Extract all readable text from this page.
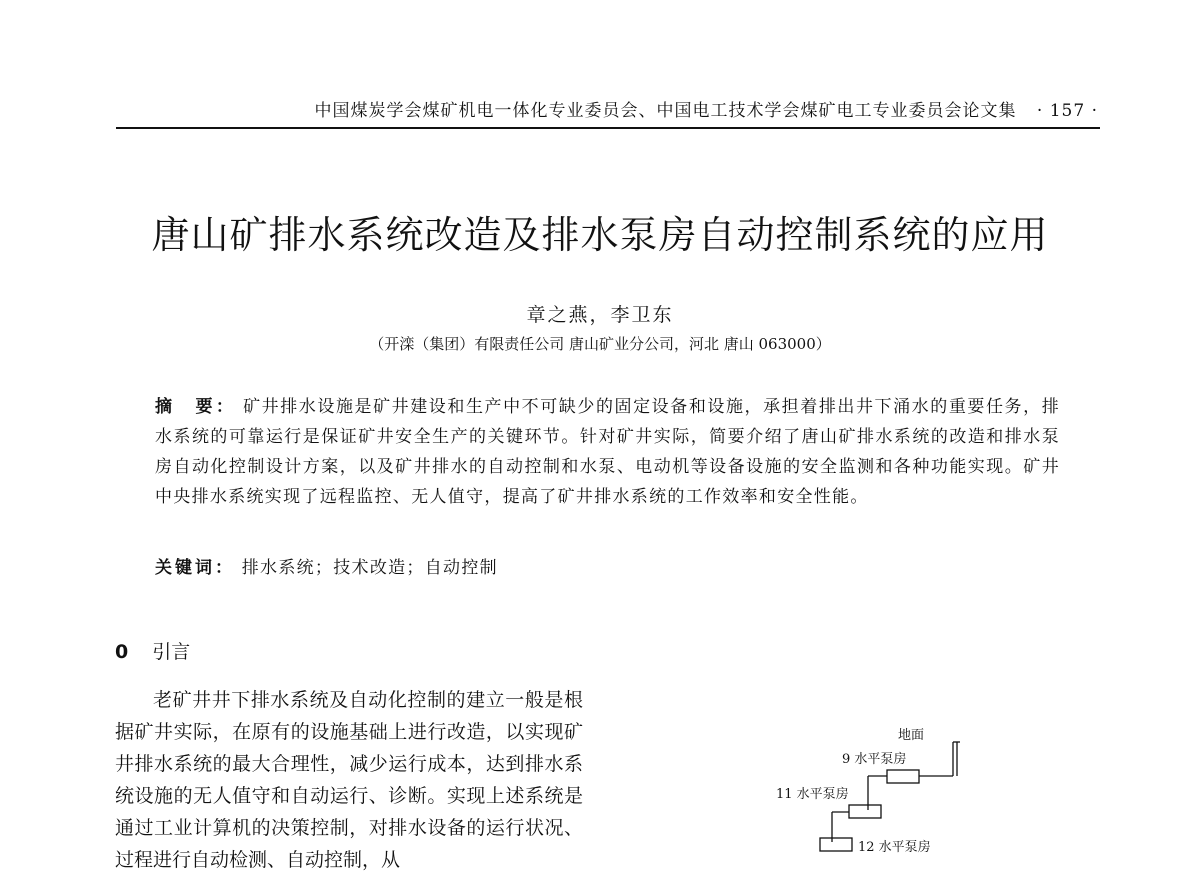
中国煤炭学会煤矿机电一体化专业委员会、中国电工技术学会煤矿电工专业委员会论文集 · 157 ·
唐山矿排水系统改造及排水泵房自动控制系统的应用
章之燕，李卫东
（开滦（集团）有限责任公司 唐山矿业分公司，河北 唐山 063000）
摘　要： 矿井排水设施是矿井建设和生产中不可缺少的固定设备和设施，承担着排出井下涌水的重要任务，排水系统的可靠运行是保证矿井安全生产的关键环节。针对矿井实际，简要介绍了唐山矿排水系统的改造和排水泵房自动化控制设计方案，以及矿井排水的自动控制和水泵、电动机等设备设施的安全监测和各种功能实现。矿井中央排水系统实现了远程监控、无人值守，提高了矿井排水系统的工作效率和安全性能。
关键词： 排水系统；技术改造；自动控制
0 引言
老矿井井下排水系统及自动化控制的建立一般是根据矿井实际，在原有的设施基础上进行改造，以实现矿井排水系统的最大合理性，减少运行成本，达到排水系统设施的无人值守和自动运行、诊断。实现上述系统是通过工业计算机的决策控制，对排水设备的运行状况、过程进行自动检测、自动控制，从
地面
9 水平泵房
11 水平泵房
12 水平泵房
